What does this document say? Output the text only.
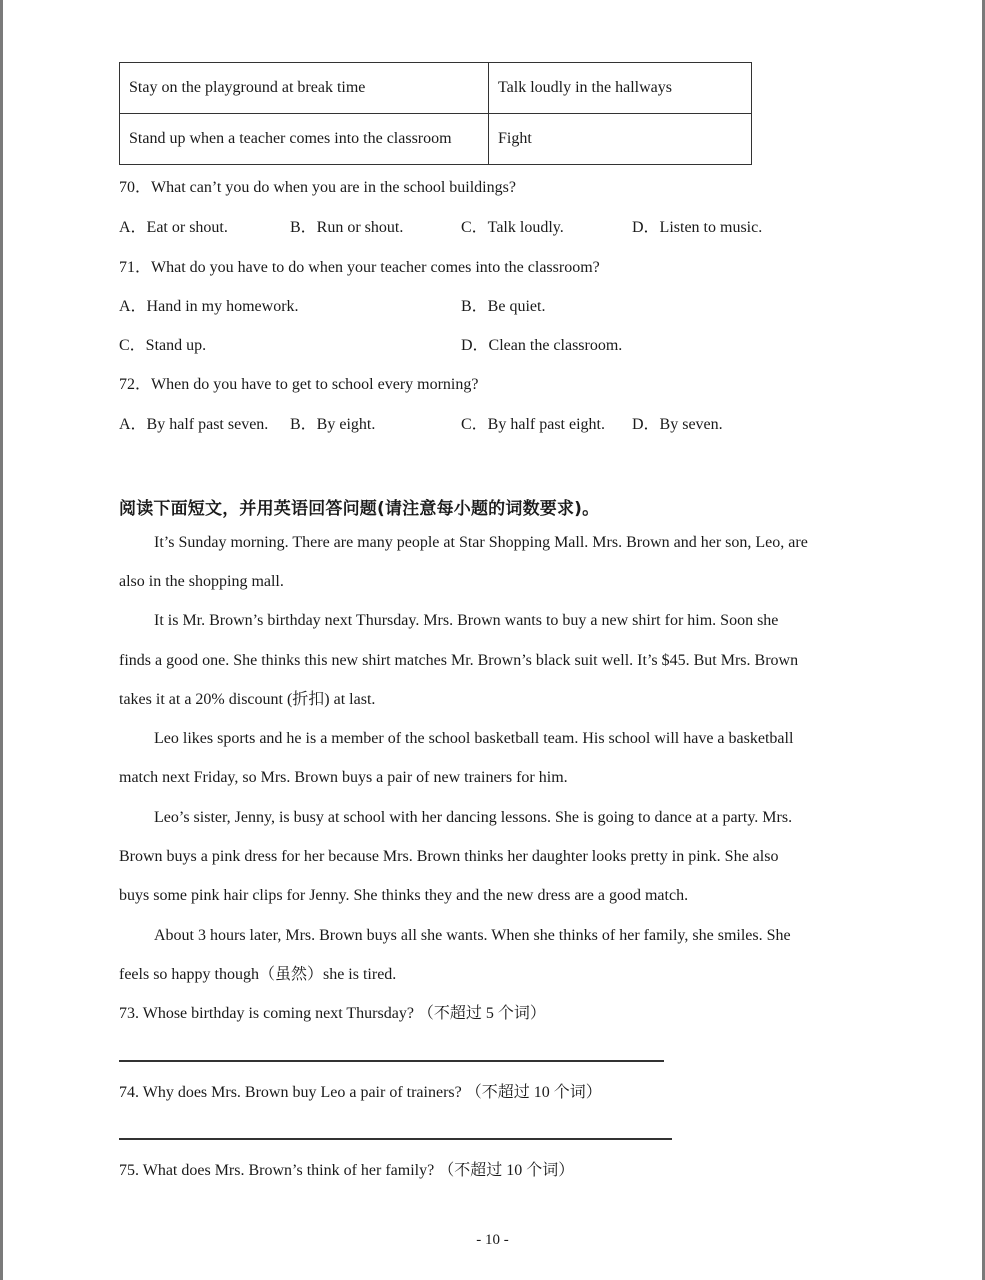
Stay on the playground at break time	Talk loudly in the hallways
Stand up when a teacher comes into the classroom	Fight
70．What can’t you do when you are in the school buildings?
A．Eat or shout.	B．Run or shout.	C．Talk loudly.	D．Listen to music.
71．What do you have to do when your teacher comes into the classroom?
A．Hand in my homework.	B．Be quiet.
C．Stand up.	D．Clean the classroom.
72．When do you have to get to school every morning?
A．By half past seven. B．By eight.	C．By half past eight. D．By seven.
阅读下面短文，并用英语回答问题(请注意每小题的词数要求)。
It’s Sunday morning. There are many people at Star Shopping Mall. Mrs. Brown and her son, Leo, are
also in the shopping mall.
It is Mr. Brown’s birthday next Thursday. Mrs. Brown wants to buy a new shirt for him. Soon she
finds a good one. She thinks this new shirt matches Mr. Brown’s black suit well. It’s $45. But Mrs. Brown
takes it at a 20% discount (折扣) at last.
Leo likes sports and he is a member of the school basketball team. His school will have a basketball
match next Friday, so Mrs. Brown buys a pair of new trainers for him.
Leo’s sister, Jenny, is busy at school with her dancing lessons. She is going to dance at a party. Mrs.
Brown buys a pink dress for her because Mrs. Brown thinks her daughter looks pretty in pink. She also
buys some pink hair clips for Jenny. She thinks they and the new dress are a good match.
About 3 hours later, Mrs. Brown buys all she wants. When she thinks of her family, she smiles. She
feels so happy though（虽然）she is tired.
73. Whose birthday is coming next Thursday? （不超过 5 个词）
74. Why does Mrs. Brown buy Leo a pair of trainers? （不超过 10 个词）
75. What does Mrs. Brown’s think of her family? （不超过 10 个词）
- 10 -
